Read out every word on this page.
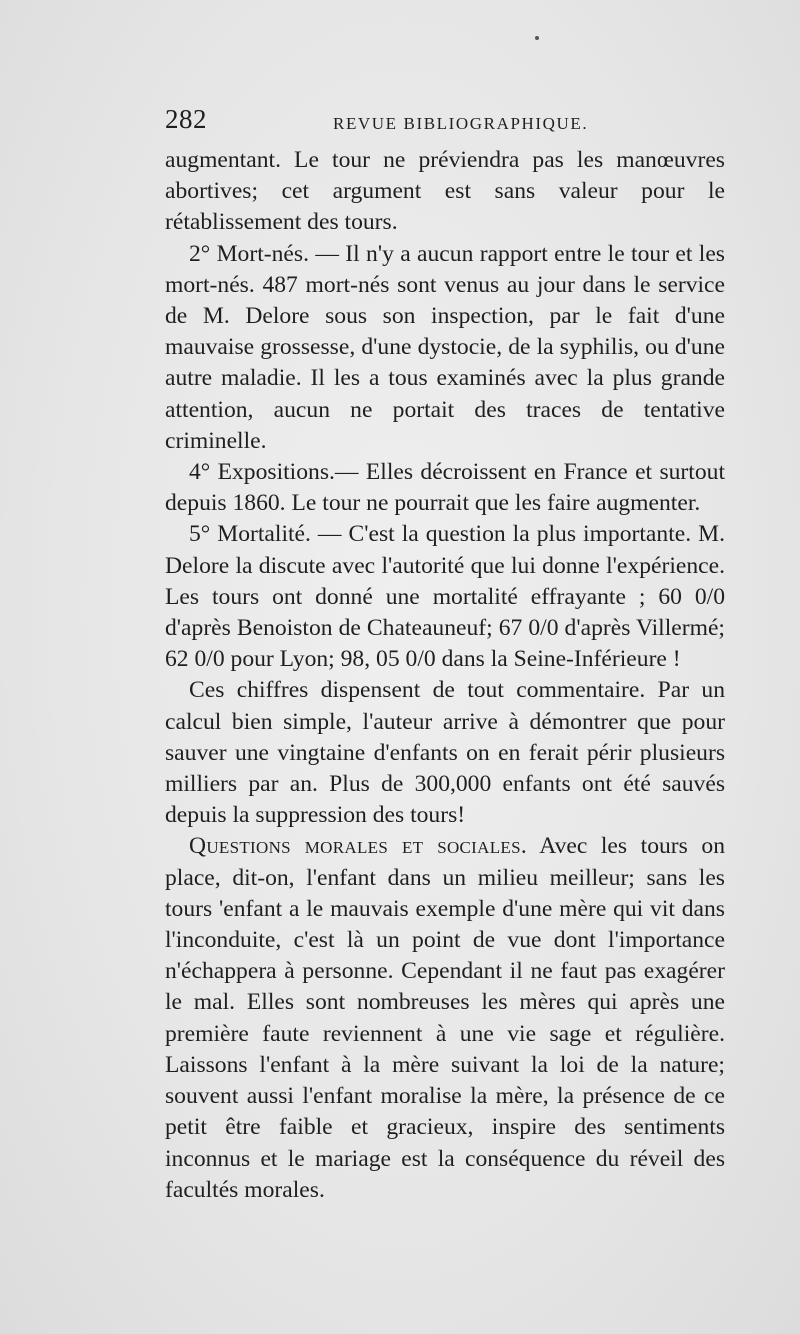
282	REVUE BIBLIOGRAPHIQUE.

augmentant. Le tour ne préviendra pas les manœuvres abortives; cet argument est sans valeur pour le rétablissement des tours.

2° Mort-nés. — Il n'y a aucun rapport entre le tour et les mort-nés. 487 mort-nés sont venus au jour dans le service de M. Delore sous son inspection, par le fait d'une mauvaise grossesse, d'une dystocie, de la syphilis, ou d'une autre maladie. Il les a tous examinés avec la plus grande attention, aucun ne portait des traces de tentative criminelle.

4° Expositions.— Elles décroissent en France et surtout depuis 1860. Le tour ne pourrait que les faire augmenter.

5° Mortalité. — C'est la question la plus importante. M. Delore la discute avec l'autorité que lui donne l'expérience. Les tours ont donné une mortalité effrayante ; 60 0/0 d'après Benoiston de Chateauneuf; 67 0/0 d'après Villermé; 62 0/0 pour Lyon; 98, 05 0/0 dans la Seine-Inférieure !

Ces chiffres dispensent de tout commentaire. Par un calcul bien simple, l'auteur arrive à démontrer que pour sauver une vingtaine d'enfants on en ferait périr plusieurs milliers par an. Plus de 300,000 enfants ont été sauvés depuis la suppression des tours!

Questions morales et sociales. Avec les tours on place, dit-on, l'enfant dans un milieu meilleur; sans les tours 'enfant a le mauvais exemple d'une mère qui vit dans l'inconduite, c'est là un point de vue dont l'importance n'échappera à personne. Cependant il ne faut pas exagérer le mal. Elles sont nombreuses les mères qui après une première faute reviennent à une vie sage et régulière. Laissons l'enfant à la mère suivant la loi de la nature; souvent aussi l'enfant moralise la mère, la présence de ce petit être faible et gracieux, inspire des sentiments inconnus et le mariage est la conséquence du réveil des facultés morales.
